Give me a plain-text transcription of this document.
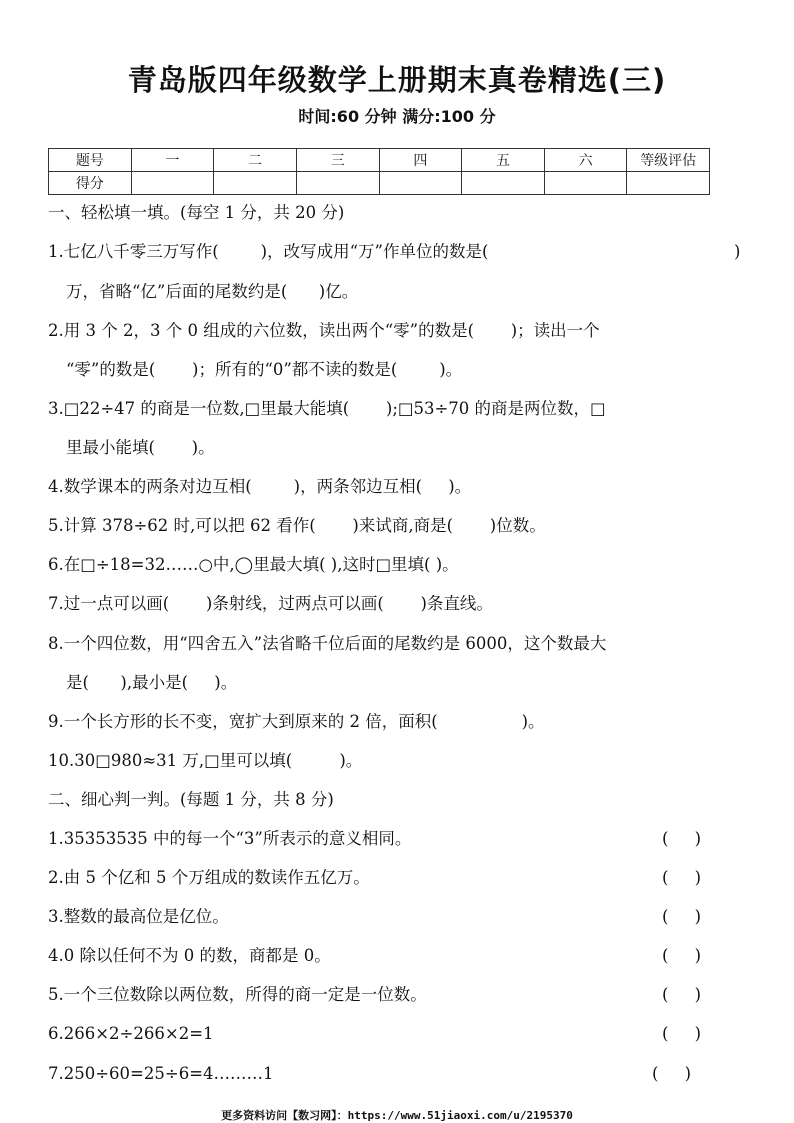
青岛版四年级数学上册期末真卷精选(三)
时间:60 分钟 满分:100 分
题号	一	二	三	四	五	六	等级评估
得分							
一、轻松填一填。(每空 1 分，共 20 分)
1.七亿八千零三万写作(        )，改写成用“万”作单位的数是(	)
万，省略“亿”后面的尾数约是(      )亿。
2.用 3 个 2，3 个 0 组成的六位数，读出两个“零”的数是(       )；读出一个
“零”的数是(       )；所有的“0”都不读的数是(        )。
3.□22÷47 的商是一位数,□里最大能填(       );□53÷70 的商是两位数，□
里最小能填(       )。
4.数学课本的两条对边互相(        )，两条邻边互相(     )。
5.计算 378÷62 时,可以把 62 看作(       )来试商,商是(       )位数。
6.在□÷18=32……○中,◯里最大填( ),这时□里填( )。
7.过一点可以画(       )条射线，过两点可以画(       )条直线。
8.一个四位数，用“四舍五入”法省略千位后面的尾数约是 6000，这个数最大
是(      ),最小是(     )。
9.一个长方形的长不变，宽扩大到原来的 2 倍，面积(                )。
10.30□980≈31 万,□里可以填(         )。
二、细心判一判。(每题 1 分，共 8 分)
1.35353535 中的每一个“3”所表示的意义相同。	(     )
2.由 5 个亿和 5 个万组成的数读作五亿万。	(     )
3.整数的最高位是亿位。	(     )
4.0 除以任何不为 0 的数，商都是 0。	(     )
5.一个三位数除以两位数，所得的商一定是一位数。	(     )
6.266×2÷266×2=1	(     )
7.250÷60=25÷6=4………1	(     )
更多资料访问【数习网】：https://www.51jiaoxi.com/u/2195370
